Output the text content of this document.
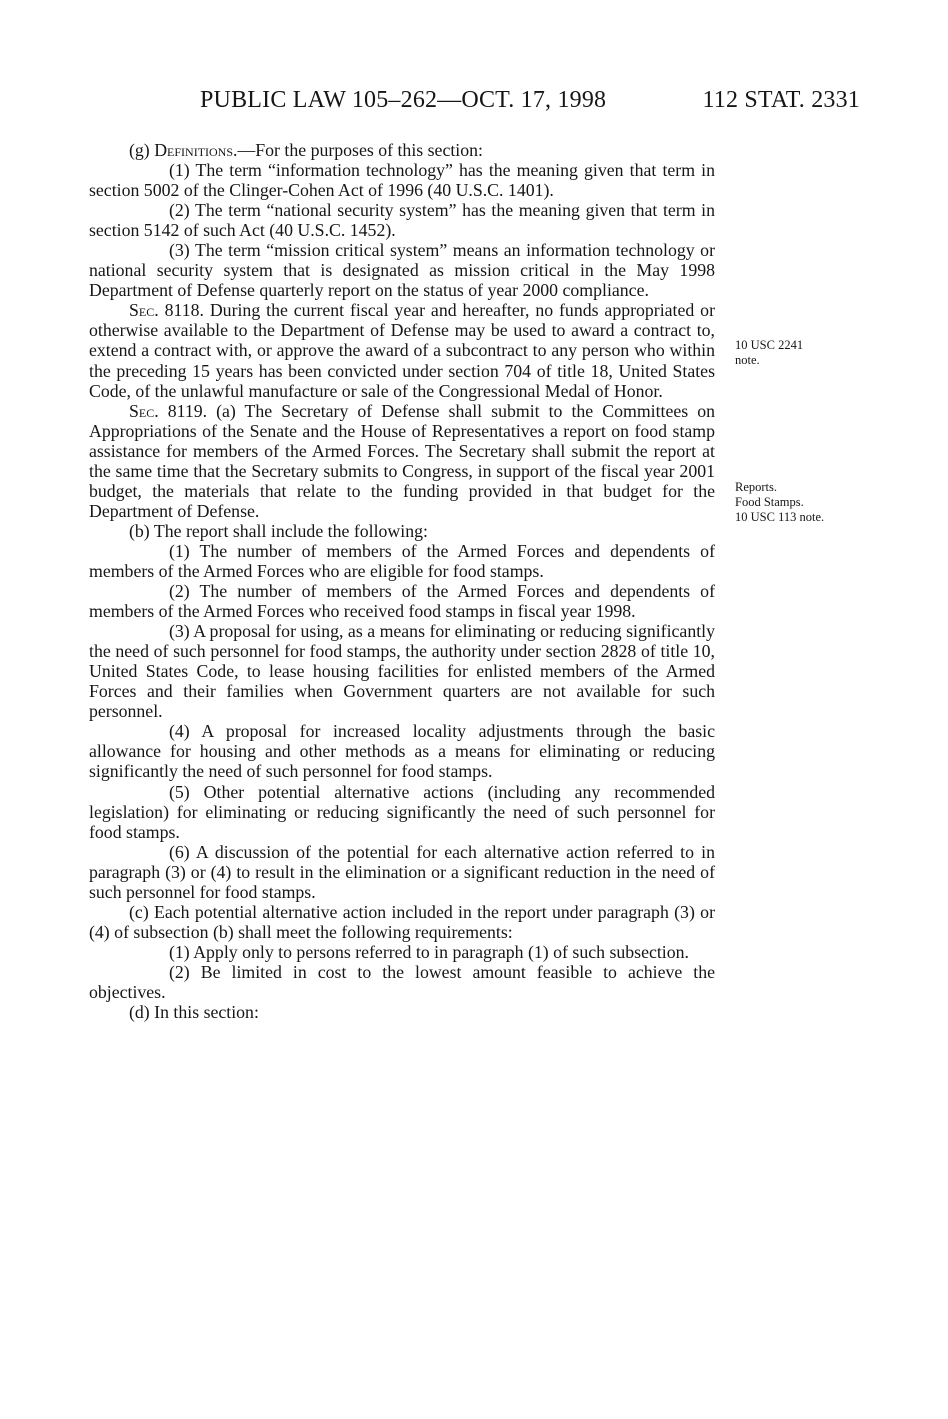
PUBLIC LAW 105–262—OCT. 17, 1998	112 STAT. 2331
10 USC 2241
note.
Reports.
Food Stamps.
10 USC 113 note.

(g) Definitions.—For the purposes of this section:

(1) The term “information technology” has the meaning given that term in section 5002 of the Clinger-Cohen Act of 1996 (40 U.S.C. 1401).

(2) The term “national security system” has the meaning given that term in section 5142 of such Act (40 U.S.C. 1452).

(3) The term “mission critical system” means an information technology or national security system that is designated as mission critical in the May 1998 Department of Defense quarterly report on the status of year 2000 compliance.

Sec. 8118. During the current fiscal year and hereafter, no funds appropriated or otherwise available to the Department of Defense may be used to award a contract to, extend a contract with, or approve the award of a subcontract to any person who within the preceding 15 years has been convicted under section 704 of title 18, United States Code, of the unlawful manufacture or sale of the Congressional Medal of Honor.

Sec. 8119. (a) The Secretary of Defense shall submit to the Committees on Appropriations of the Senate and the House of Representatives a report on food stamp assistance for members of the Armed Forces. The Secretary shall submit the report at the same time that the Secretary submits to Congress, in support of the fiscal year 2001 budget, the materials that relate to the funding provided in that budget for the Department of Defense.

(b) The report shall include the following:

(1) The number of members of the Armed Forces and dependents of members of the Armed Forces who are eligible for food stamps.

(2) The number of members of the Armed Forces and dependents of members of the Armed Forces who received food stamps in fiscal year 1998.

(3) A proposal for using, as a means for eliminating or reducing significantly the need of such personnel for food stamps, the authority under section 2828 of title 10, United States Code, to lease housing facilities for enlisted members of the Armed Forces and their families when Government quarters are not available for such personnel.

(4) A proposal for increased locality adjustments through the basic allowance for housing and other methods as a means for eliminating or reducing significantly the need of such personnel for food stamps.

(5) Other potential alternative actions (including any recommended legislation) for eliminating or reducing significantly the need of such personnel for food stamps.

(6) A discussion of the potential for each alternative action referred to in paragraph (3) or (4) to result in the elimination or a significant reduction in the need of such personnel for food stamps.

(c) Each potential alternative action included in the report under paragraph (3) or (4) of subsection (b) shall meet the following requirements:

(1) Apply only to persons referred to in paragraph (1) of such subsection.

(2) Be limited in cost to the lowest amount feasible to achieve the objectives.

(d) In this section:
